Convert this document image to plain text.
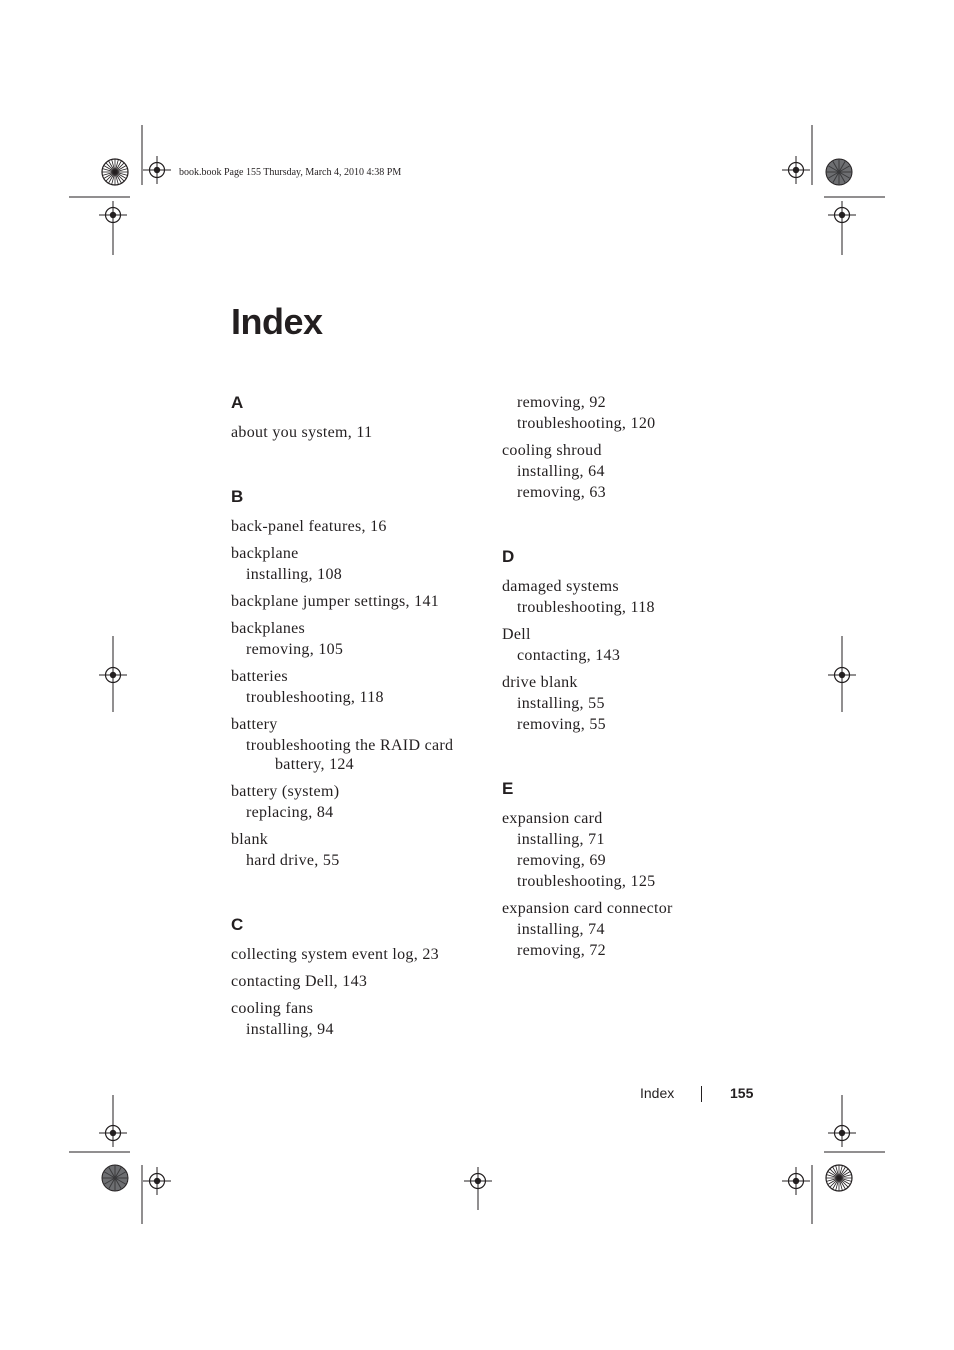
book.book Page 155 Thursday, March 4, 2010 4:38 PM
Index
A
about you system, 11
B
back-panel features, 16
backplane
installing, 108
backplane jumper settings, 141
backplanes
removing, 105
batteries
troubleshooting, 118
battery
troubleshooting the RAID card
battery, 124
battery (system)
replacing, 84
blank
hard drive, 55
C
collecting system event log, 23
contacting Dell, 143
cooling fans
installing, 94
removing, 92
troubleshooting, 120
cooling shroud
installing, 64
removing, 63
D
damaged systems
troubleshooting, 118
Dell
contacting, 143
drive blank
installing, 55
removing, 55
E
expansion card
installing, 71
removing, 69
troubleshooting, 125
expansion card connector
installing, 74
removing, 72
Index	155
